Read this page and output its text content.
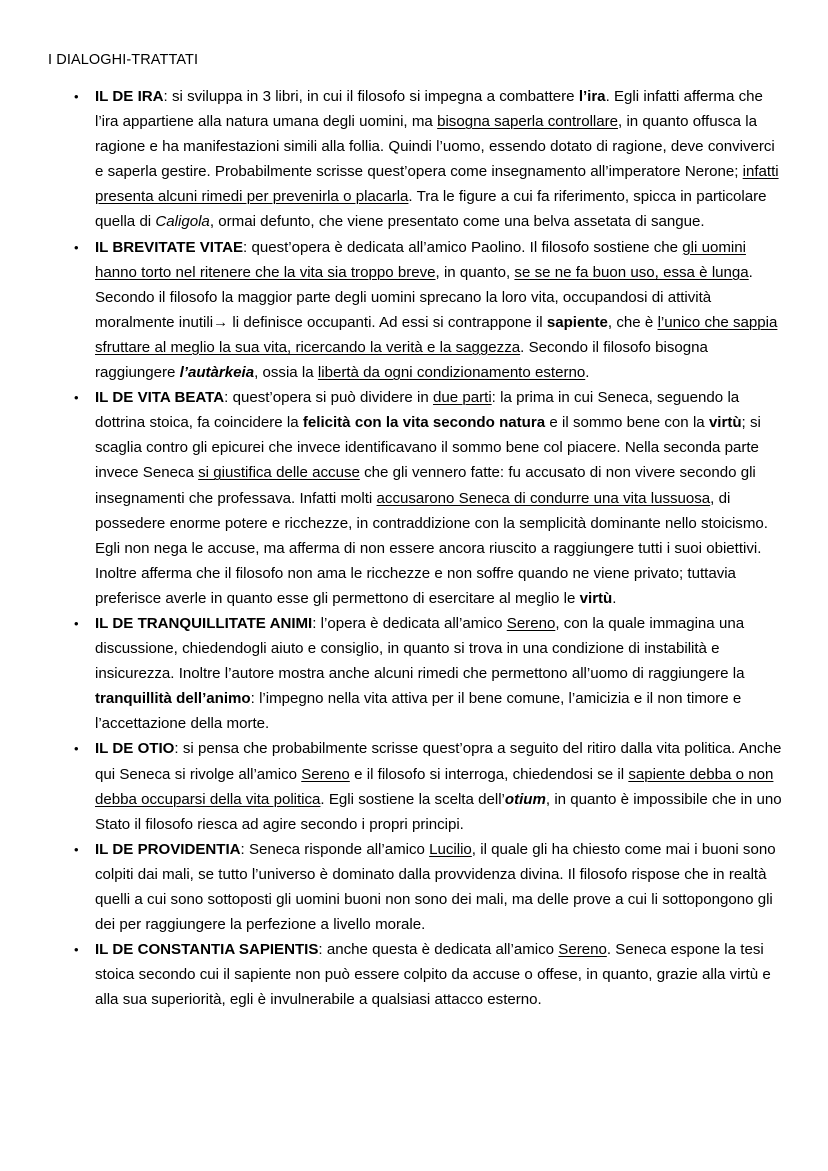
I DIALOGHI-TRATTATI
•
IL DE IRA: si sviluppa in 3 libri, in cui il filosofo si impegna a combattere l’ira. Egli infatti afferma che l’ira appartiene alla natura umana degli uomini, ma bisogna saperla controllare, in quanto offusca la ragione e ha manifestazioni simili alla follia. Quindi l’uomo, essendo dotato di ragione, deve conviverci e saperla gestire. Probabilmente scrisse quest’opera come insegnamento all’imperatore Nerone; infatti presenta alcuni rimedi per prevenirla o placarla. Tra le figure a cui fa riferimento, spicca in particolare quella di Caligola, ormai defunto, che viene presentato come una belva assetata di sangue.
•
IL BREVITATE VITAE: quest’opera è dedicata all’amico Paolino. Il filosofo sostiene che gli uomini hanno torto nel ritenere che la vita sia troppo breve, in quanto, se se ne fa buon uso, essa è lunga. Secondo il filosofo la maggior parte degli uomini sprecano la loro vita, occupandosi di attività moralmente inutili→ li definisce occupanti. Ad essi si contrappone il sapiente, che è l’unico che sappia sfruttare al meglio la sua vita, ricercando la verità e la saggezza. Secondo il filosofo bisogna raggiungere l’autàrkeia, ossia la libertà da ogni condizionamento esterno.
•
IL DE VITA BEATA: quest’opera si può dividere in due parti: la prima in cui Seneca, seguendo la dottrina stoica, fa coincidere la felicità con la vita secondo natura e il sommo bene con la virtù; si scaglia contro gli epicurei che invece identificavano il sommo bene col piacere. Nella seconda parte invece Seneca si giustifica delle accuse che gli vennero fatte: fu accusato di non vivere secondo gli insegnamenti che professava. Infatti molti accusarono Seneca di condurre una vita lussuosa, di possedere enorme potere e ricchezze, in contraddizione con la semplicità dominante nello stoicismo. Egli non nega le accuse, ma afferma di non essere ancora riuscito a raggiungere tutti i suoi obiettivi. Inoltre afferma che il filosofo non ama le ricchezze e non soffre quando ne viene privato; tuttavia preferisce averle in quanto esse gli permettono di esercitare al meglio le virtù.
•
IL DE TRANQUILLITATE ANIMI: l’opera è dedicata all’amico Sereno, con la quale immagina una discussione, chiedendogli aiuto e consiglio, in quanto si trova in una condizione di instabilità e insicurezza. Inoltre l’autore mostra anche alcuni rimedi che permettono all’uomo di raggiungere la tranquillità dell’animo: l’impegno nella vita attiva per il bene comune, l’amicizia e il non timore e l’accettazione della morte.
•
IL DE OTIO: si pensa che probabilmente scrisse quest’opra a seguito del ritiro dalla vita politica. Anche qui Seneca si rivolge all’amico Sereno e il filosofo si interroga, chiedendosi se il sapiente debba o non debba occuparsi della vita politica. Egli sostiene la scelta dell’otium, in quanto è impossibile che in uno Stato il filosofo riesca ad agire secondo i propri principi.
•
IL DE PROVIDENTIA: Seneca risponde all’amico Lucilio, il quale gli ha chiesto come mai i buoni sono colpiti dai mali, se tutto l’universo è dominato dalla provvidenza divina. Il filosofo rispose che in realtà quelli a cui sono sottoposti gli uomini buoni non sono dei mali, ma delle prove a cui li sottopongono gli dei per raggiungere la perfezione a livello morale.
•
IL DE CONSTANTIA SAPIENTIS: anche questa è dedicata all’amico Sereno. Seneca espone la tesi stoica secondo cui il sapiente non può essere colpito da accuse o offese, in quanto, grazie alla virtù e alla sua superiorità, egli è invulnerabile a qualsiasi attacco esterno.
